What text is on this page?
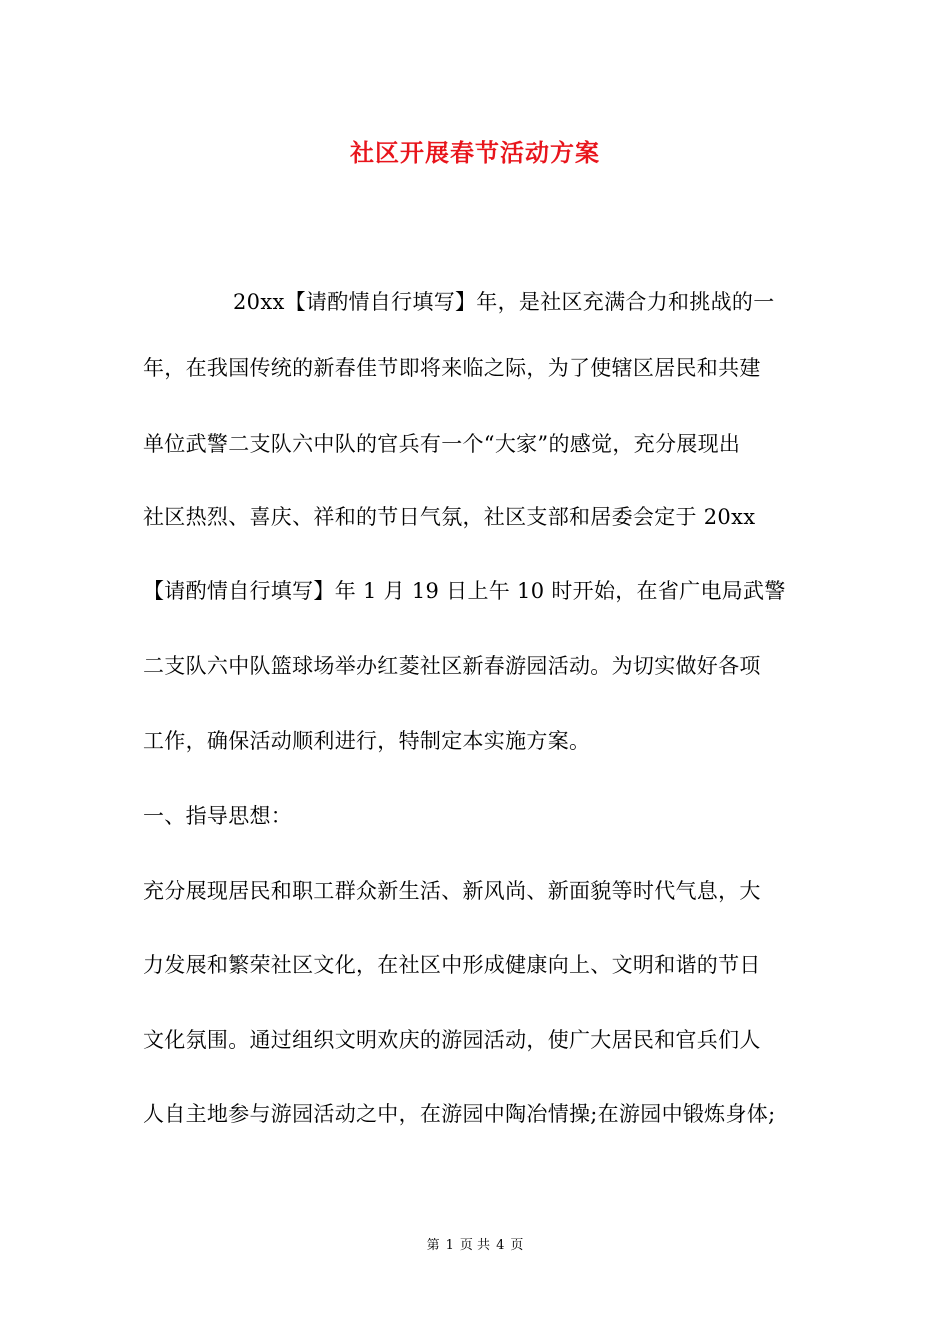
社区开展春节活动方案
20xx【请酌情自行填写】年，是社区充满合力和挑战的一
年，在我国传统的新春佳节即将来临之际，为了使辖区居民和共建
单位武警二支队六中队的官兵有一个“大家”的感觉，充分展现出
社区热烈、喜庆、祥和的节日气氛，社区支部和居委会定于 20xx
【请酌情自行填写】年 1 月 19 日上午 10 时开始，在省广电局武警
二支队六中队篮球场举办红菱社区新春游园活动。为切实做好各项
工作，确保活动顺利进行，特制定本实施方案。
一、指导思想：
充分展现居民和职工群众新生活、新风尚、新面貌等时代气息，大
力发展和繁荣社区文化，在社区中形成健康向上、文明和谐的节日
文化氛围。通过组织文明欢庆的游园活动，使广大居民和官兵们人
人自主地参与游园活动之中，在游园中陶冶情操;在游园中锻炼身体;
第 1 页 共 4 页
